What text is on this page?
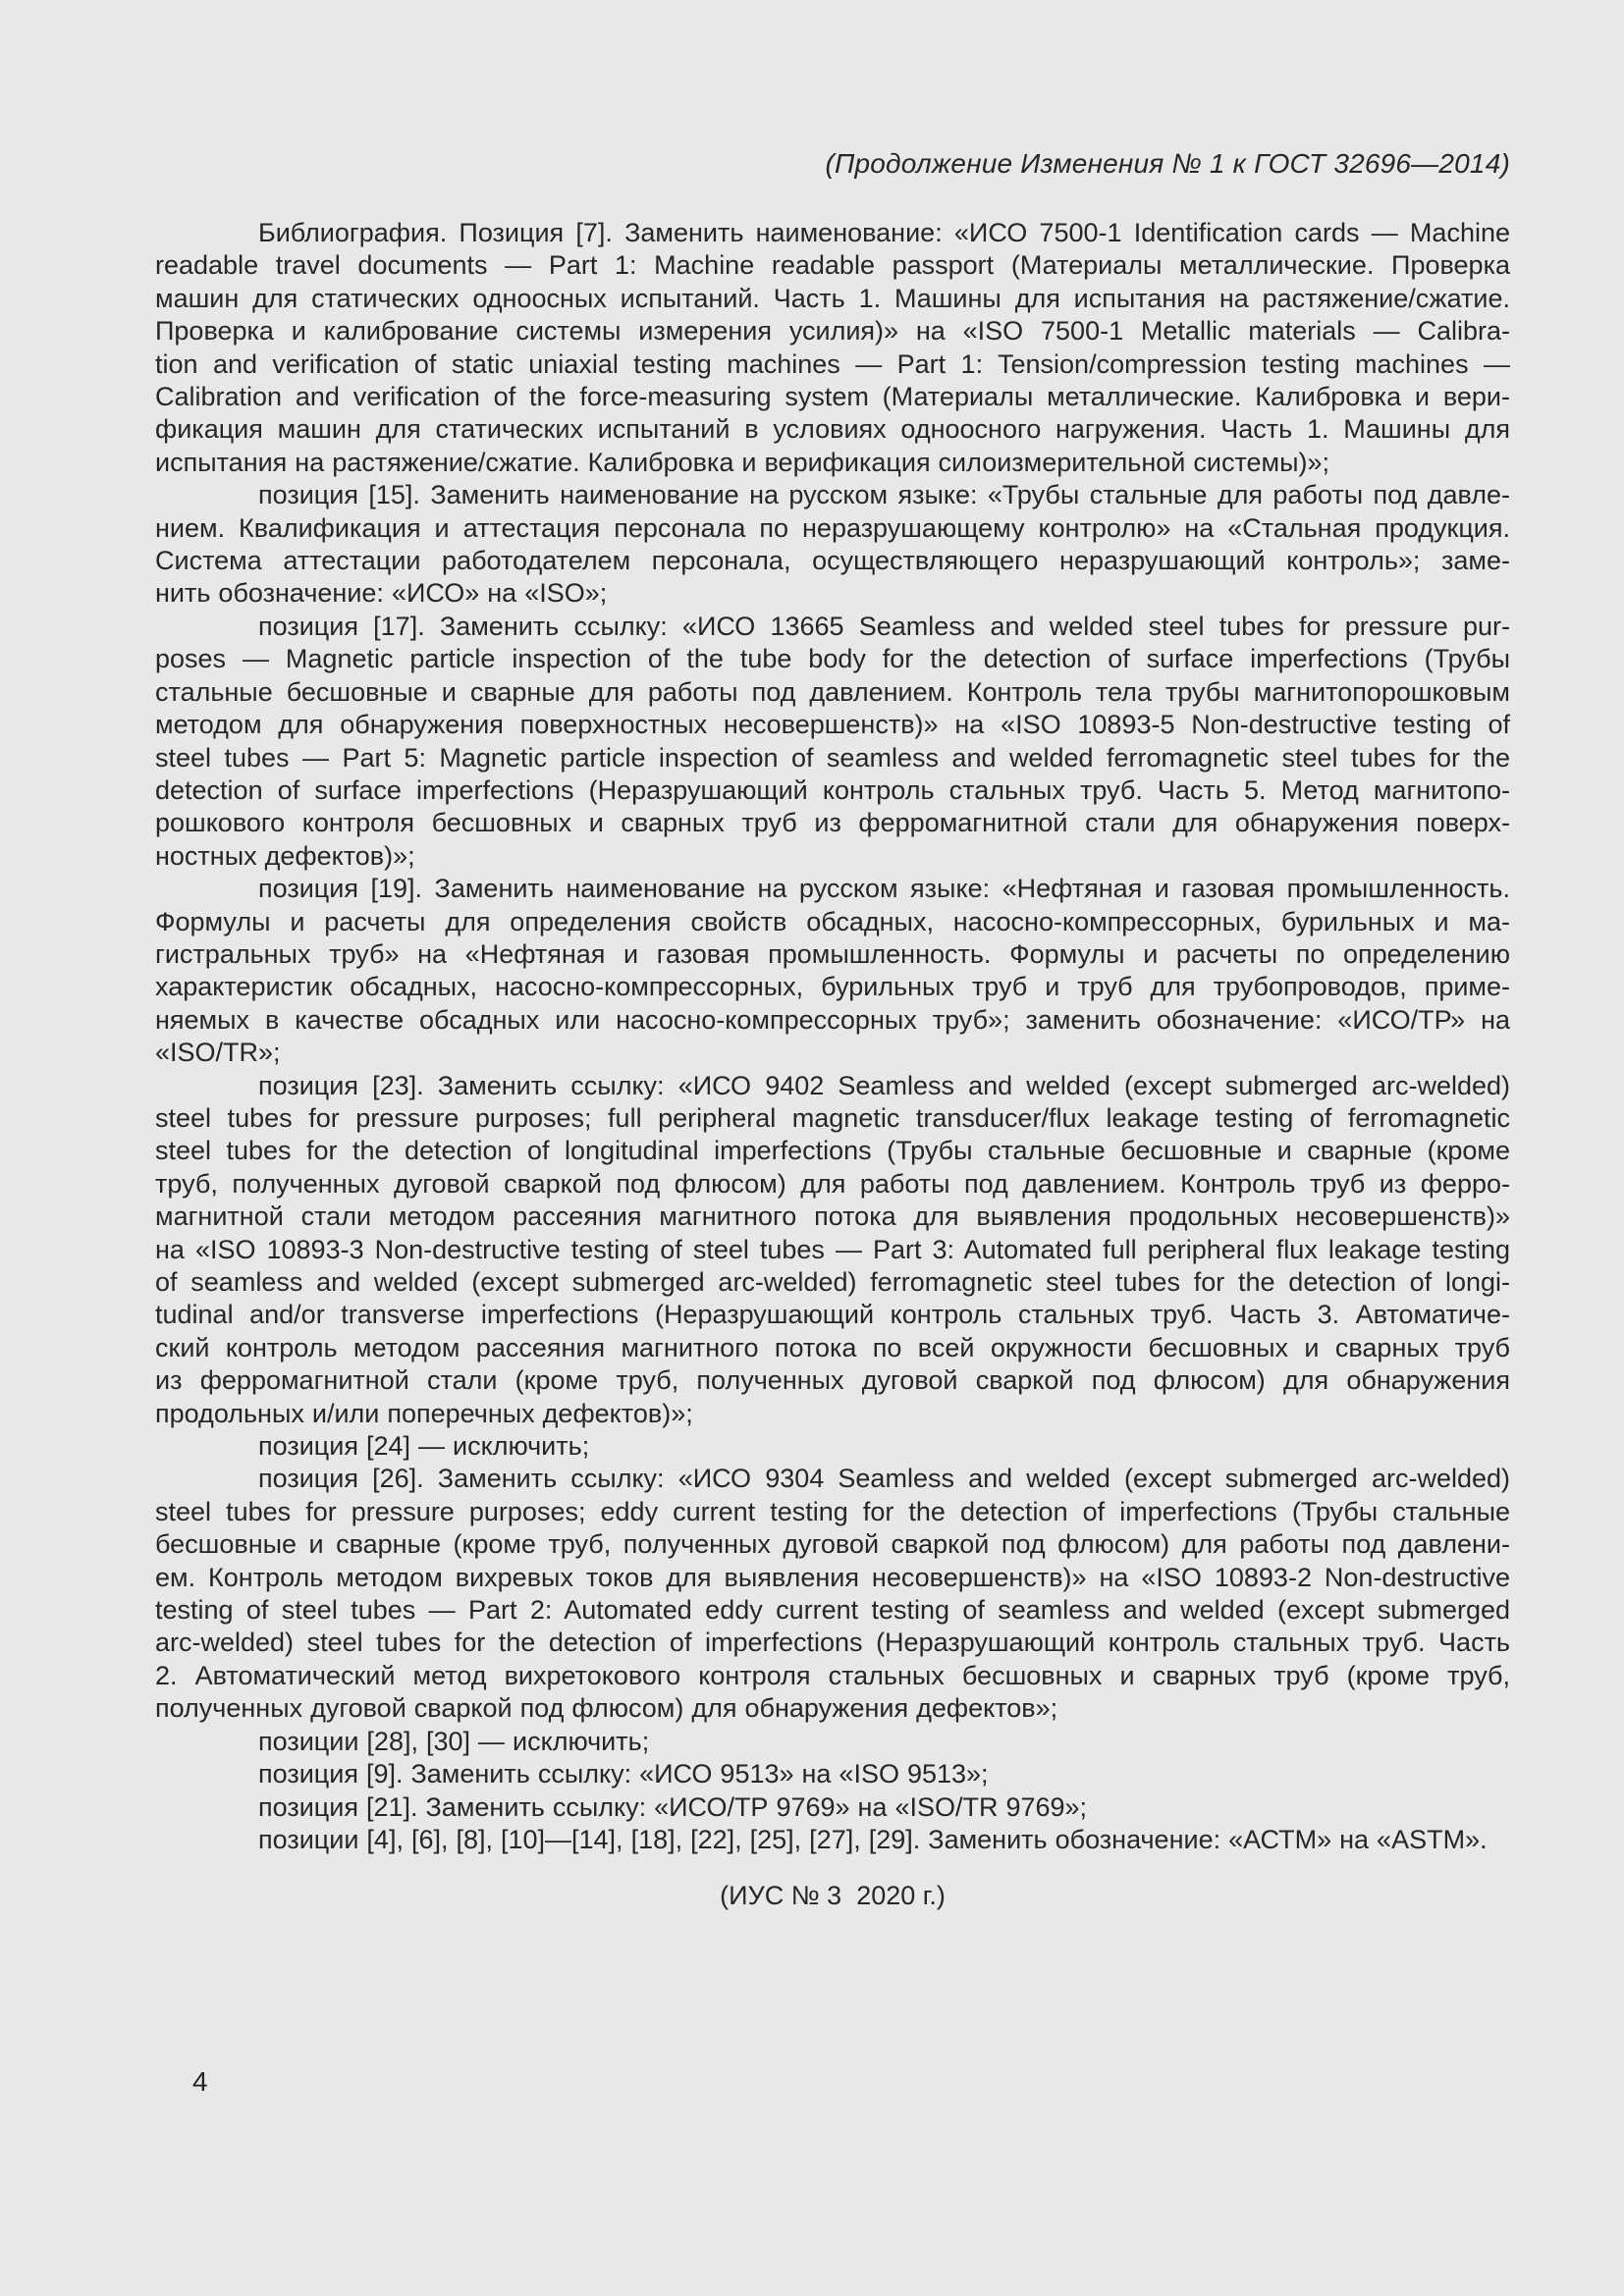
(Продолжение Изменения № 1 к ГОСТ 32696—2014)

Библиография. Позиция [7]. Заменить наименование: «ИСО 7500-1 Identification cards — Machine
readable travel documents — Part 1: Machine readable passport (Материалы металлические. Проверка
машин для статических одноосных испытаний. Часть 1. Машины для испытания на растяжение/сжатие.
Проверка и калибрование системы измерения усилия)» на «ISO 7500-1 Metallic materials — Calibra-
tion and verification of static uniaxial testing machines — Part 1: Tension/compression testing machines —
Calibration and verification of the force-measuring system (Материалы металлические. Калибровка и вери-
фикация машин для статических испытаний в условиях одноосного нагружения. Часть 1. Машины для
испытания на растяжение/сжатие. Калибровка и верификация силоизмерительной системы)»;

позиция [15]. Заменить наименование на русском языке: «Трубы стальные для работы под давле-
нием. Квалификация и аттестация персонала по неразрушающему контролю» на «Стальная продукция.
Система аттестации работодателем персонала, осуществляющего неразрушающий контроль»; заме-
нить обозначение: «ИСО» на «ISO»;

позиция [17]. Заменить ссылку: «ИСО 13665 Seamless and welded steel tubes for pressure pur-
poses — Magnetic particle inspection of the tube body for the detection of surface imperfections (Трубы
стальные бесшовные и сварные для работы под давлением. Контроль тела трубы магнитопорошковым
методом для обнаружения поверхностных несовершенств)» на «ISO 10893-5 Non-destructive testing of
steel tubes — Part 5: Magnetic particle inspection of seamless and welded ferromagnetic steel tubes for the
detection of surface imperfections (Неразрушающий контроль стальных труб. Часть 5. Метод магнитопо-
рошкового контроля бесшовных и сварных труб из ферромагнитной стали для обнаружения поверх-
ностных дефектов)»;

позиция [19]. Заменить наименование на русском языке: «Нефтяная и газовая промышленность.
Формулы и расчеты для определения свойств обсадных, насосно-компрессорных, бурильных и ма-
гистральных труб» на «Нефтяная и газовая промышленность. Формулы и расчеты по определению
характеристик обсадных, насосно-компрессорных, бурильных труб и труб для трубопроводов, приме-
няемых в качестве обсадных или насосно-компрессорных труб»; заменить обозначение: «ИСО/ТР» на
«ISO/TR»;

позиция [23]. Заменить ссылку: «ИСО 9402 Seamless and welded (except submerged arc-welded)
steel tubes for pressure purposes; full peripheral magnetic transducer/flux leakage testing of ferromagnetic
steel tubes for the detection of longitudinal imperfections (Трубы стальные бесшовные и сварные (кроме
труб, полученных дуговой сваркой под флюсом) для работы под давлением. Контроль труб из ферро-
магнитной стали методом рассеяния магнитного потока для выявления продольных несовершенств)»
на «ISO 10893-3 Non-destructive testing of steel tubes — Part 3: Automated full peripheral flux leakage testing
of seamless and welded (except submerged arc-welded) ferromagnetic steel tubes for the detection of longi-
tudinal and/or transverse imperfections (Неразрушающий контроль стальных труб. Часть 3. Автоматиче-
ский контроль методом рассеяния магнитного потока по всей окружности бесшовных и сварных труб
из ферромагнитной стали (кроме труб, полученных дуговой сваркой под флюсом) для обнаружения
продольных и/или поперечных дефектов)»;

позиция [24] — исключить;

позиция [26]. Заменить ссылку: «ИСО 9304 Seamless and welded (except submerged arc-welded)
steel tubes for pressure purposes; eddy current testing for the detection of imperfections (Трубы стальные
бесшовные и сварные (кроме труб, полученных дуговой сваркой под флюсом) для работы под давлени-
ем. Контроль методом вихревых токов для выявления несовершенств)» на «ISO 10893-2 Non-destructive
testing of steel tubes — Part 2: Automated eddy current testing of seamless and welded (except submerged
arc-welded) steel tubes for the detection of imperfections (Неразрушающий контроль стальных труб. Часть
2. Автоматический метод вихретокового контроля стальных бесшовных и сварных труб (кроме труб,
полученных дуговой сваркой под флюсом) для обнаружения дефектов»;

позиции [28], [30] — исключить;

позиция [9]. Заменить ссылку: «ИСО 9513» на «ISO 9513»;

позиция [21]. Заменить ссылку: «ИСО/ТР 9769» на «ISO/TR 9769»;

позиции [4], [6], [8], [10]—[14], [18], [22], [25], [27], [29]. Заменить обозначение: «АСТМ» на «ASTM».

(ИУС № 3  2020 г.)
4
